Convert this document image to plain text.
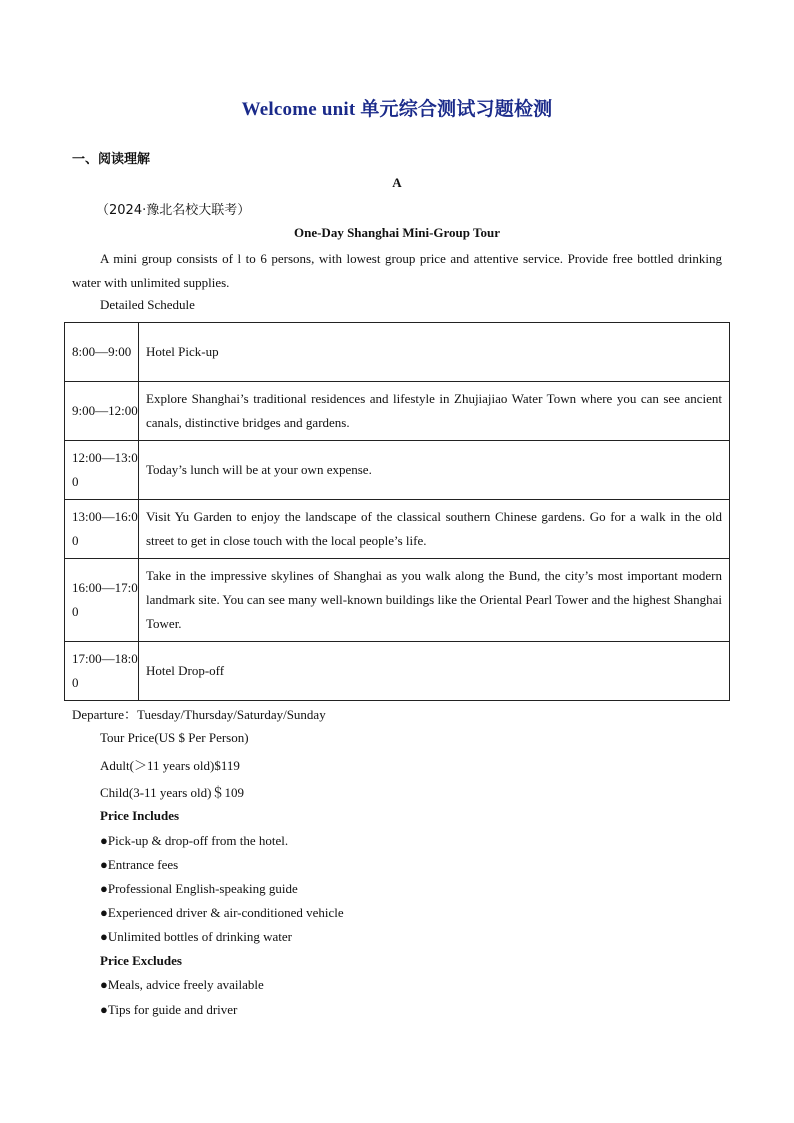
Welcome unit 单元综合测试习题检测
一、阅读理解
A
（2024·豫北名校大联考）
One-Day Shanghai Mini-Group Tour
A mini group consists of l to 6 persons, with lowest group price and attentive service. Provide free bottled drinking water with unlimited supplies.
Detailed Schedule
8:00—9:00	Hotel Pick-up
9:00—12:00	Explore Shanghai’s traditional residences and lifestyle in Zhujiajiao Water Town where you can see ancient canals, distinctive bridges and gardens.
12:00—13:00	Today’s lunch will be at your own expense.
13:00—16:00	Visit Yu Garden to enjoy the landscape of the classical southern Chinese gardens. Go for a walk in the old street to get in close touch with the local people’s life.
16:00—17:00	Take in the impressive skylines of Shanghai as you walk along the Bund, the city’s most important modern landmark site. You can see many well-known buildings like the Oriental Pearl Tower and the highest Shanghai Tower.
17:00—18:00	Hotel Drop-off
Departure：Tuesday/Thursday/Saturday/Sunday
Tour Price(US $ Per Person)
Adult(＞11 years old)$119
Child(3-11 years old)＄109
Price Includes
●Pick-up & drop-off from the hotel.
●Entrance fees
●Professional English-speaking guide
●Experienced driver & air-conditioned vehicle
●Unlimited bottles of drinking water
Price Excludes
●Meals, advice freely available
●Tips for guide and driver
